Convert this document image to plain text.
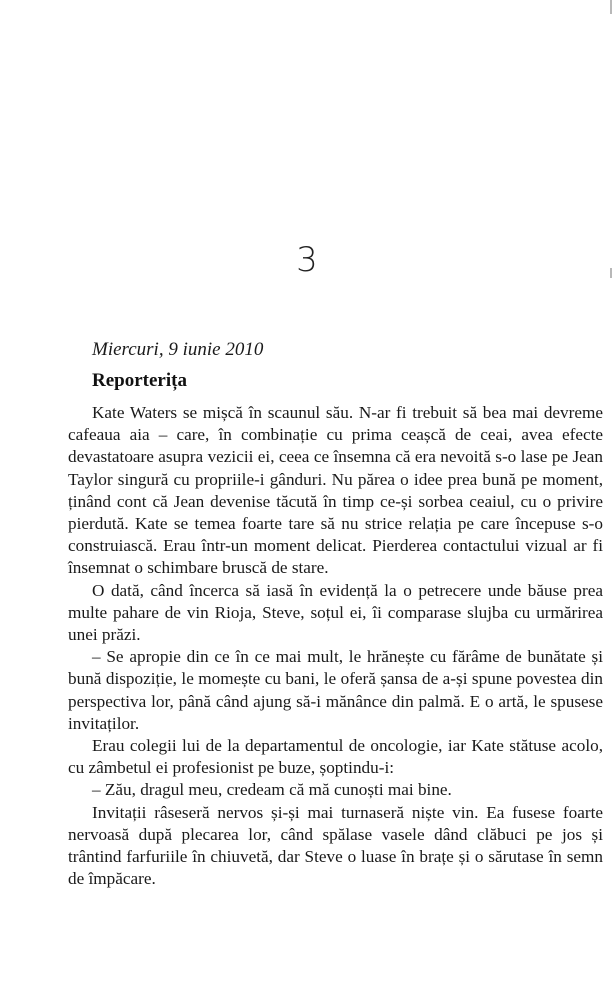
3
Miercuri, 9 iunie 2010
Reporterița

Kate Waters se mișcă în scaunul său. N-ar fi trebuit să bea mai devreme cafeaua aia – care, în combinație cu prima ceașcă de ceai, avea efecte devastatoare asupra vezicii ei, ceea ce însemna că era nevoită s-o lase pe Jean Taylor singură cu propriile-i gânduri. Nu părea o idee prea bună pe moment, ținând cont că Jean devenise tăcută în timp ce-și sorbea ceaiul, cu o privire pierdută. Kate se temea foarte tare să nu strice relația pe care începuse s-o construiască. Erau într-un moment delicat. Pierderea contactului vizual ar fi însemnat o schimbare bruscă de stare.

O dată, când încerca să iasă în evidență la o petrecere unde băuse prea multe pahare de vin Rioja, Steve, soțul ei, îi comparase slujba cu urmărirea unei prăzi.

– Se apropie din ce în ce mai mult, le hrănește cu fărâme de bunătate și bună dispoziție, le momește cu bani, le oferă șansa de a-și spune povestea din perspectiva lor, până când ajung să-i mănânce din palmă. E o artă, le spusese invitaților.

Erau colegii lui de la departamentul de oncologie, iar Kate stătuse acolo, cu zâmbetul ei profesionist pe buze, șoptindu-i:

– Zău, dragul meu, credeam că mă cunoști mai bine.

Invitații râseseră nervos și-și mai turnaseră niște vin. Ea fusese foarte nervoasă după plecarea lor, când spălase vasele dând clăbuci pe jos și trântind farfuriile în chiuvetă, dar Steve o luase în brațe și o sărutase în semn de împăcare.
